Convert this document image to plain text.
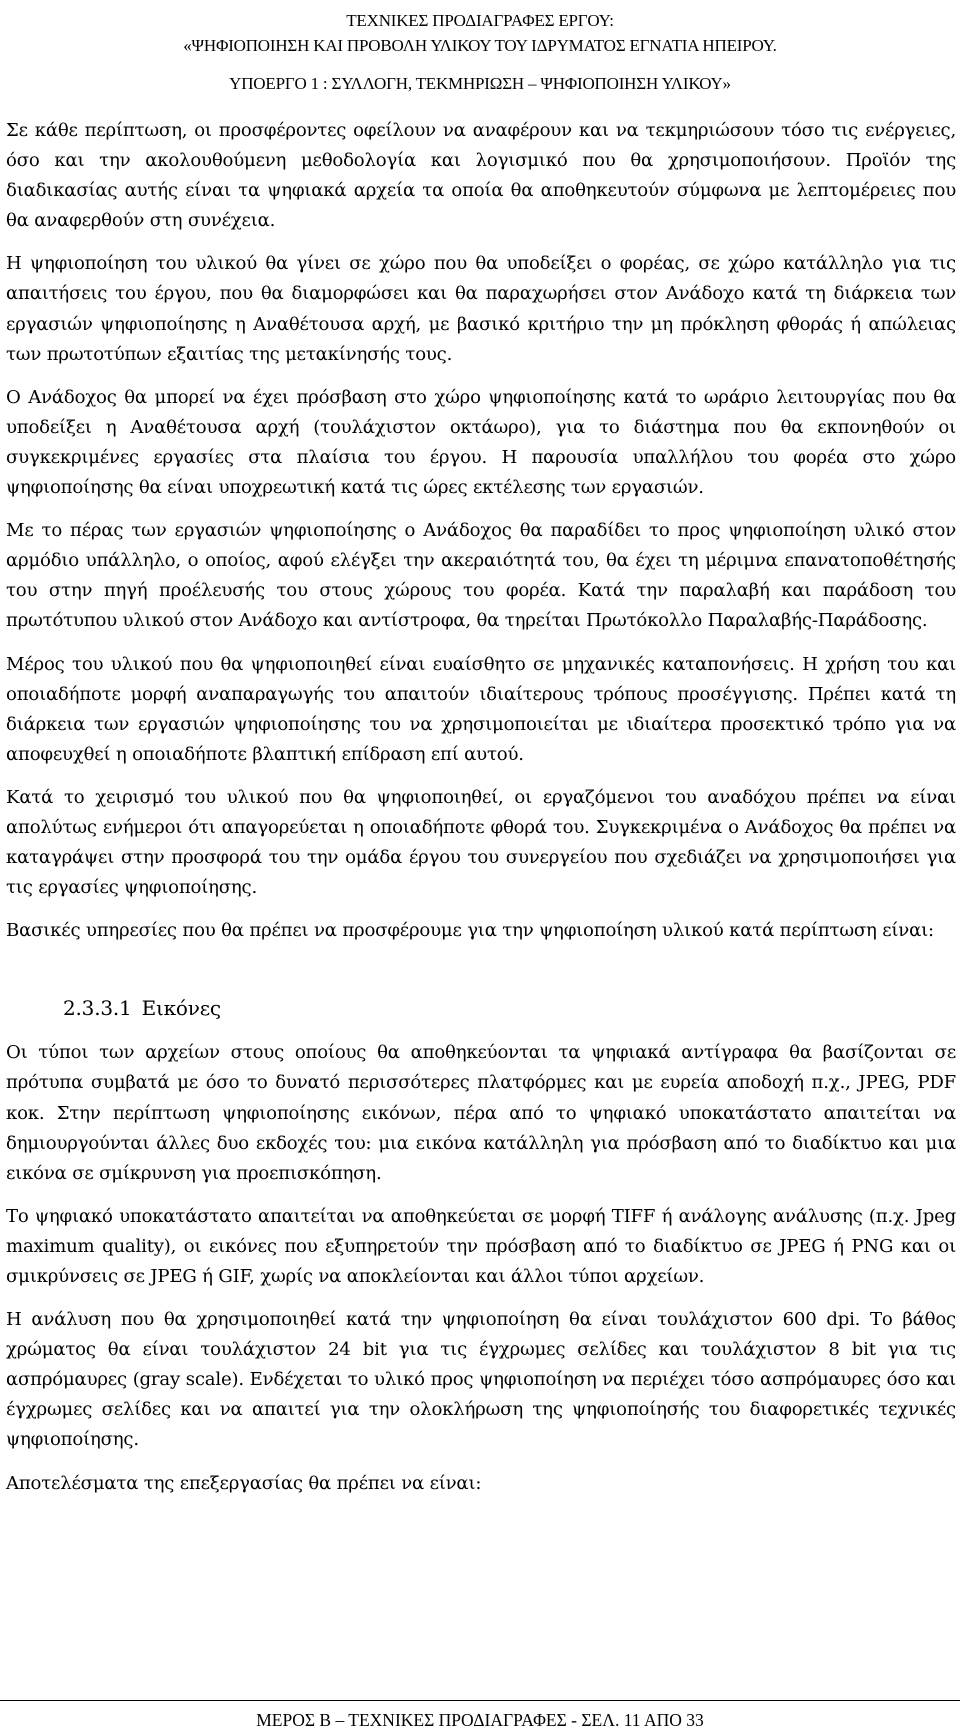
ΤΕΧΝΙΚΕΣ ΠΡΟΔΙΑΓΡΑΦΕΣ ΕΡΓΟΥ:
«ΨΗΦΙΟΠΟΙΗΣΗ ΚΑΙ ΠΡΟΒΟΛΗ ΥΛΙΚΟΥ ΤΟΥ ΙΔΡΥΜΑΤΟΣ ΕΓΝΑΤΙΑ ΗΠΕΙΡΟΥ.
ΥΠΟΕΡΓΟ 1 : ΣΥΛΛΟΓΗ, ΤΕΚΜΗΡΙΩΣΗ – ΨΗΦΙΟΠΟΙΗΣΗ ΥΛΙΚΟΥ»

Σε κάθε περίπτωση, οι προσφέροντες οφείλουν να αναφέρουν και να τεκμηριώσουν τόσο τις ενέργειες, όσο και την ακολουθούμενη μεθοδολογία και λογισμικό που θα χρησιμοποιήσουν. Προϊόν της διαδικασίας αυτής είναι τα ψηφιακά αρχεία τα οποία θα αποθηκευτούν σύμφωνα με λεπτομέρειες που θα αναφερθούν στη συνέχεια.

Η ψηφιοποίηση του υλικού θα γίνει σε χώρο που θα υποδείξει ο φορέας, σε χώρο κατάλληλο για τις απαιτήσεις του έργου, που θα διαμορφώσει και θα παραχωρήσει στον Ανάδοχο κατά τη διάρκεια των εργασιών ψηφιοποίησης η Αναθέτουσα αρχή, με βασικό κριτήριο την μη πρόκληση φθοράς ή απώλειας των πρωτοτύπων εξαιτίας της μετακίνησής τους.

Ο Ανάδοχος θα μπορεί να έχει πρόσβαση στο χώρο ψηφιοποίησης κατά το ωράριο λειτουργίας που θα υποδείξει η Αναθέτουσα αρχή (τουλάχιστον οκτάωρο), για το διάστημα που θα εκπονηθούν οι συγκεκριμένες εργασίες στα πλαίσια του έργου. Η παρουσία υπαλλήλου του φορέα στο χώρο ψηφιοποίησης θα είναι υποχρεωτική κατά τις ώρες εκτέλεσης των εργασιών.

Με το πέρας των εργασιών ψηφιοποίησης ο Ανάδοχος θα παραδίδει το προς ψηφιοποίηση υλικό στον αρμόδιο υπάλληλο, ο οποίος, αφού ελέγξει την ακεραιότητά του, θα έχει τη μέριμνα επανατοποθέτησής του στην πηγή προέλευσής του στους χώρους του φορέα. Κατά την παραλαβή και παράδοση του πρωτότυπου υλικού στον Ανάδοχο και αντίστροφα, θα τηρείται Πρωτόκολλο Παραλαβής-Παράδοσης.

Μέρος του υλικού που θα ψηφιοποιηθεί είναι ευαίσθητο σε μηχανικές καταπονήσεις. Η χρήση του και οποιαδήποτε μορφή αναπαραγωγής του απαιτούν ιδιαίτερους τρόπους προσέγγισης. Πρέπει κατά τη διάρκεια των εργασιών ψηφιοποίησης του να χρησιμοποιείται με ιδιαίτερα προσεκτικό τρόπο για να αποφευχθεί η οποιαδήποτε βλαπτική επίδραση επί αυτού.

Κατά το χειρισμό του υλικού που θα ψηφιοποιηθεί, οι εργαζόμενοι του αναδόχου πρέπει να είναι απολύτως ενήμεροι ότι απαγορεύεται η οποιαδήποτε φθορά του. Συγκεκριμένα ο Ανάδοχος θα πρέπει να καταγράψει στην προσφορά του την ομάδα έργου του συνεργείου που σχεδιάζει να χρησιμοποιήσει για τις εργασίες ψηφιοποίησης.

Βασικές υπηρεσίες που θα πρέπει να προσφέρουμε για την ψηφιοποίηση υλικού κατά περίπτωση είναι:

2.3.3.1 Εικόνες

Οι τύποι των αρχείων στους οποίους θα αποθηκεύονται τα ψηφιακά αντίγραφα θα βασίζονται σε πρότυπα συμβατά με όσο το δυνατό περισσότερες πλατφόρμες και με ευρεία αποδοχή π.χ., JPEG, PDF κοκ. Στην περίπτωση ψηφιοποίησης εικόνων, πέρα από το ψηφιακό υποκατάστατο απαιτείται να δημιουργούνται άλλες δυο εκδοχές του: μια εικόνα κατάλληλη για πρόσβαση από το διαδίκτυο και μια εικόνα σε σμίκρυνση για προεπισκόπηση.

Το ψηφιακό υποκατάστατο απαιτείται να αποθηκεύεται σε μορφή TIFF ή ανάλογης ανάλυσης (π.χ. Jpeg maximum quality), οι εικόνες που εξυπηρετούν την πρόσβαση από το διαδίκτυο σε JPEG ή PNG και οι σμικρύνσεις σε JPEG ή GIF, χωρίς να αποκλείονται και άλλοι τύποι αρχείων.

Η ανάλυση που θα χρησιμοποιηθεί κατά την ψηφιοποίηση θα είναι τουλάχιστον 600 dpi. Το βάθος χρώματος θα είναι τουλάχιστον 24 bit για τις έγχρωμες σελίδες και τουλάχιστον 8 bit για τις ασπρόμαυρες (gray scale). Ενδέχεται το υλικό προς ψηφιοποίηση να περιέχει τόσο ασπρόμαυρες όσο και έγχρωμες σελίδες και να απαιτεί για την ολοκλήρωση της ψηφιοποίησής του διαφορετικές τεχνικές ψηφιοποίησης.

Αποτελέσματα της επεξεργασίας θα πρέπει να είναι:

ΜΕΡΟΣ Β – ΤΕΧΝΙΚΕΣ ΠΡΟΔΙΑΓΡΑΦΕΣ - ΣΕΛ. 11 ΑΠΟ 33
